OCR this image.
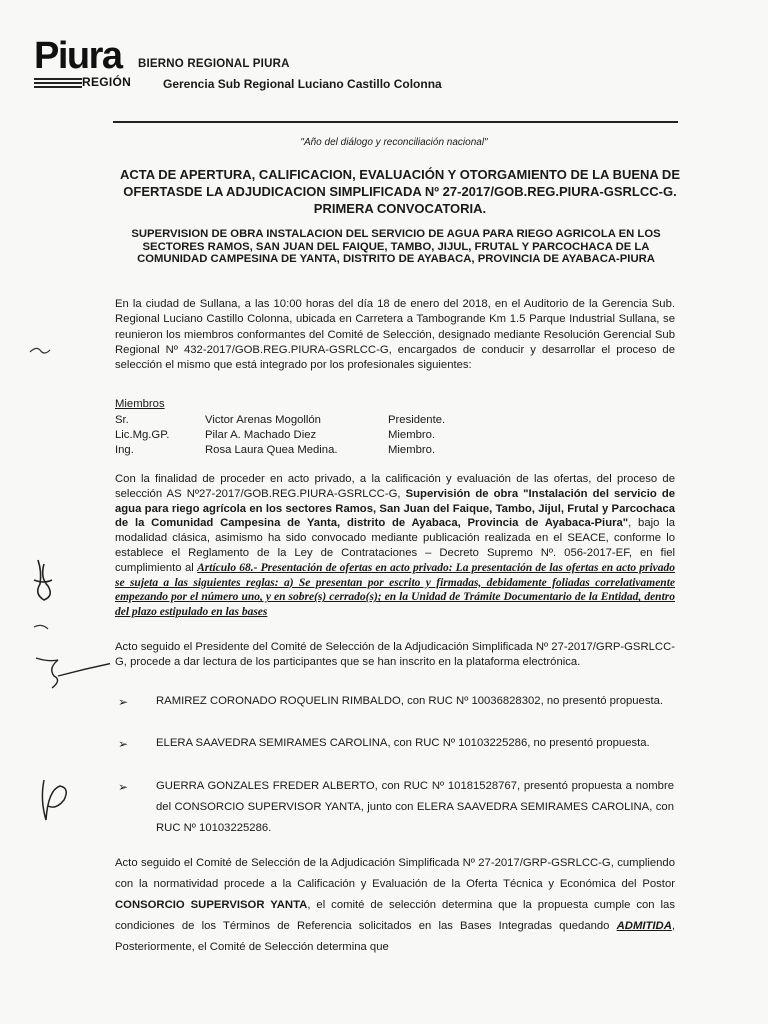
Piura
REGIÓN
BIERNO REGIONAL PIURA
Gerencia Sub Regional Luciano Castillo Colonna
"Año del diálogo y reconciliación nacional"
ACTA DE APERTURA, CALIFICACION, EVALUACIÓN Y OTORGAMIENTO DE LA BUENA DE OFERTASDE LA ADJUDICACION SIMPLIFICADA Nº 27-2017/GOB.REG.PIURA-GSRLCC-G. PRIMERA CONVOCATORIA.
SUPERVISION DE OBRA INSTALACION DEL SERVICIO DE AGUA PARA RIEGO AGRICOLA EN LOS SECTORES RAMOS, SAN JUAN DEL FAIQUE, TAMBO, JIJUL, FRUTAL Y PARCOCHACA DE LA COMUNIDAD CAMPESINA DE YANTA, DISTRITO DE AYABACA, PROVINCIA DE AYABACA-PIURA
En la ciudad de Sullana, a las 10:00 horas del día 18 de enero del 2018, en el Auditorio de la Gerencia Sub. Regional Luciano Castillo Colonna, ubicada en Carretera a Tambogrande Km 1.5 Parque Industrial Sullana, se reunieron los miembros conformantes del Comité de Selección, designado mediante Resolución Gerencial Sub Regional Nº 432-2017/GOB.REG.PIURA-GSRLCC-G, encargados de conducir y desarrollar el proceso de selección el mismo que está integrado por los profesionales siguientes:
Miembros
Sr.	Victor Arenas Mogollón	Presidente.
Lic.Mg.GP.	Pilar A. Machado Diez	Miembro.
Ing.	Rosa Laura Quea Medina.	Miembro.
Con la finalidad de proceder en acto privado, a la calificación y evaluación de las ofertas, del proceso de selección AS Nº27-2017/GOB.REG.PIURA-GSRLCC-G, Supervisión de obra "Instalación del servicio de agua para riego agrícola en los sectores Ramos, San Juan del Faique, Tambo, Jijul, Frutal y Parcochaca de la Comunidad Campesina de Yanta, distrito de Ayabaca, Provincia de Ayabaca-Piura", bajo la modalidad clásica, asimismo ha sido convocado mediante publicación realizada en el SEACE, conforme lo establece el Reglamento de la Ley de Contrataciones – Decreto Supremo Nº. 056-2017-EF, en fiel cumplimiento al Artículo 68.- Presentación de ofertas en acto privado: La presentación de las ofertas en acto privado se sujeta a las siguientes reglas: a) Se presentan por escrito y firmadas, debidamente foliadas correlativamente empezando por el número uno, y en sobre(s) cerrado(s); en la Unidad de Trámite Documentario de la Entidad, dentro del plazo estipulado en las bases
Acto seguido el Presidente del Comité de Selección de la Adjudicación Simplificada Nº 27-2017/GRP-GSRLCC-G, procede a dar lectura de los participantes que se han inscrito en la plataforma electrónica.
➢ RAMIREZ CORONADO ROQUELIN RIMBALDO, con RUC Nº 10036828302, no presentó propuesta.
➢ ELERA SAAVEDRA SEMIRAMES CAROLINA, con RUC Nº 10103225286, no presentó propuesta.
➢ GUERRA GONZALES FREDER ALBERTO, con RUC Nº 10181528767, presentó propuesta a nombre del CONSORCIO SUPERVISOR YANTA, junto con ELERA SAAVEDRA SEMIRAMES CAROLINA, con RUC Nº 10103225286.
Acto seguido el Comité de Selección de la Adjudicación Simplificada Nº 27-2017/GRP-GSRLCC-G, cumpliendo con la normatividad procede a la Calificación y Evaluación de la Oferta Técnica y Económica del Postor CONSORCIO SUPERVISOR YANTA, el comité de selección determina que la propuesta cumple con las condiciones de los Términos de Referencia solicitados en las Bases Integradas quedando ADMITIDA, Posteriormente, el Comité de Selección determina que
